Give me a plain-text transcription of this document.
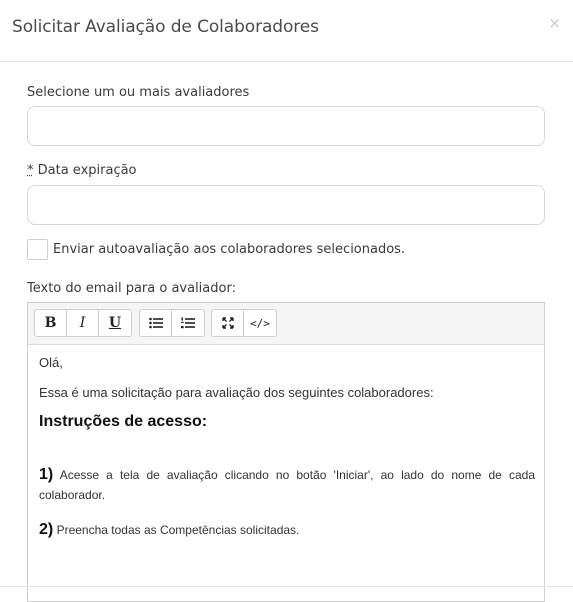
Solicitar Avaliação de Colaboradores	×
Selecione um ou mais avaliadores
* Data expiração
Enviar autoavaliação aos colaboradores selecionados.
Texto do email para o avaliador:
B	I	U	</>
Olá,
Essa é uma solicitação para avaliação dos seguintes colaboradores:
Instruções de acesso:
1) Acesse a tela de avaliação clicando no botão 'Iniciar', ao lado do nome de cada colaborador.
2) Preencha todas as Competências solicitadas.
